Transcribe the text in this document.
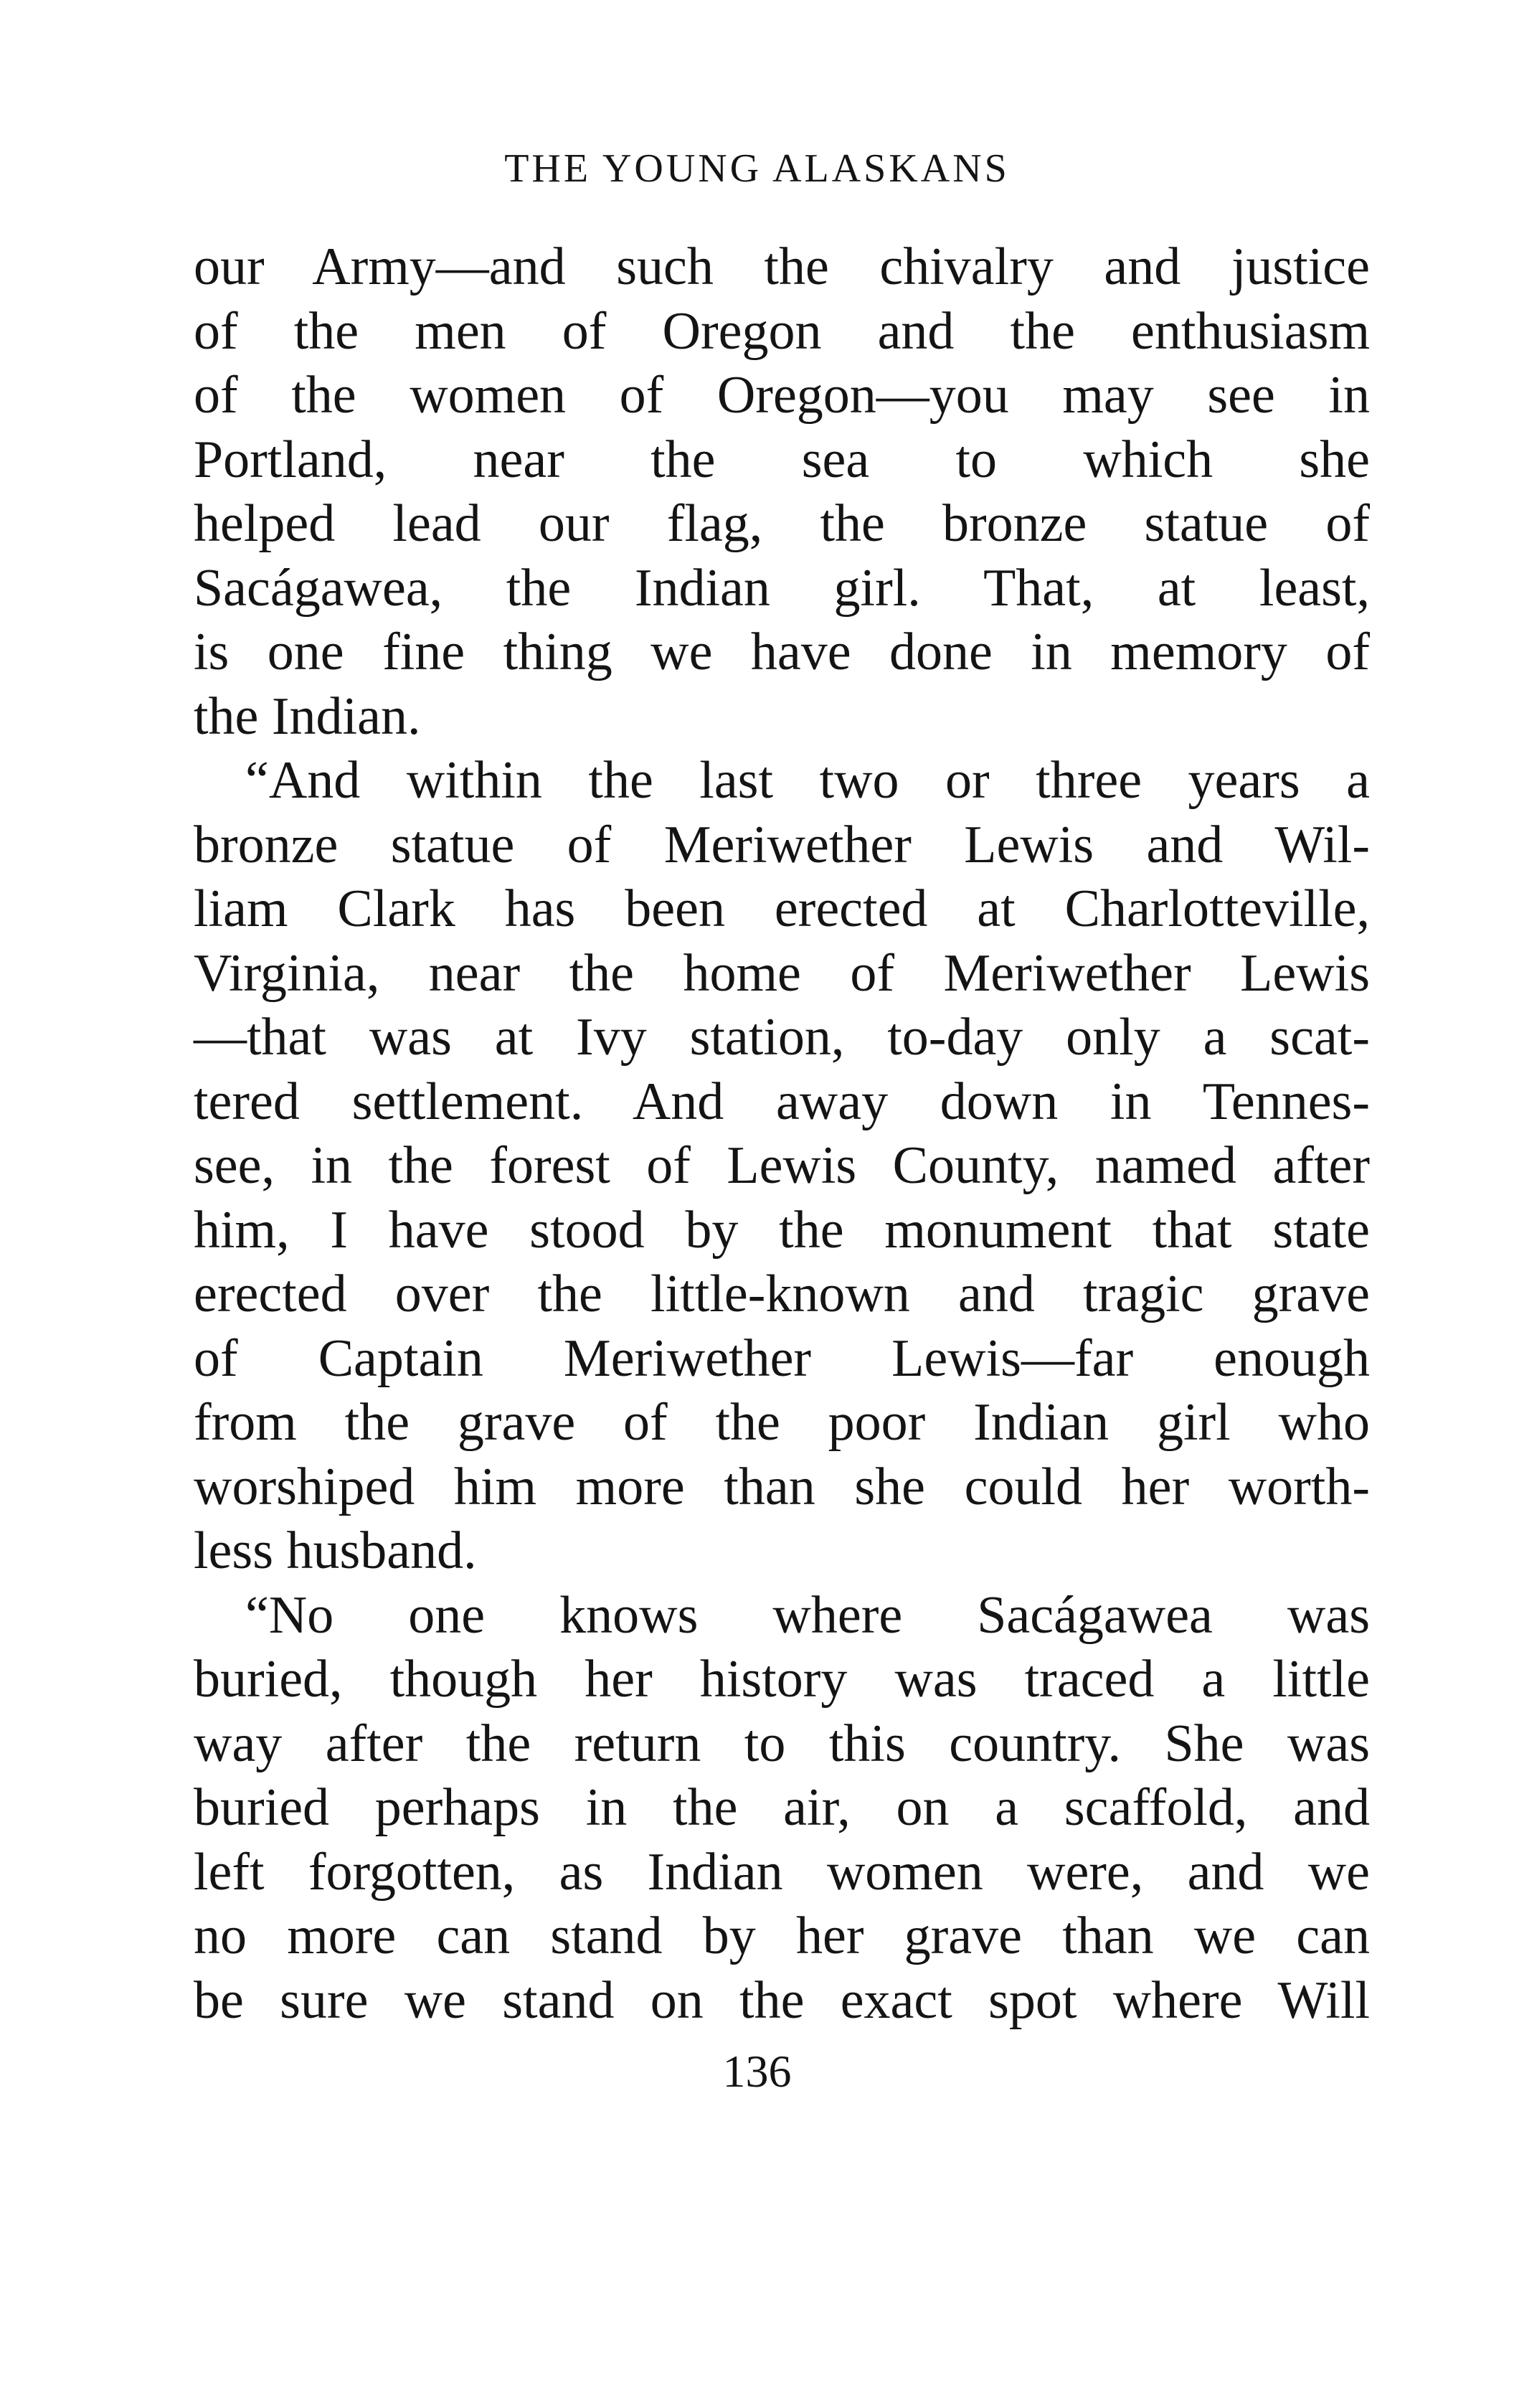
THE YOUNG ALASKANS
our Army—and such the chivalry and justice
of the men of Oregon and the enthusiasm
of the women of Oregon—you may see in
Portland, near the sea to which she
helped lead our flag, the bronze statue of
Sacágawea, the Indian girl. That, at least,
is one fine thing we have done in memory of
the Indian.
“And within the last two or three years a
bronze statue of Meriwether Lewis and Wil-
liam Clark has been erected at Charlotteville,
Virginia, near the home of Meriwether Lewis
—that was at Ivy station, to-day only a scat-
tered settlement. And away down in Tennes-
see, in the forest of Lewis County, named after
him, I have stood by the monument that state
erected over the little-known and tragic grave
of Captain Meriwether Lewis—far enough
from the grave of the poor Indian girl who
worshiped him more than she could her worth-
less husband.
“No one knows where Sacágawea was
buried, though her history was traced a little
way after the return to this country. She was
buried perhaps in the air, on a scaffold, and
left forgotten, as Indian women were, and we
no more can stand by her grave than we can
be sure we stand on the exact spot where Will
136
